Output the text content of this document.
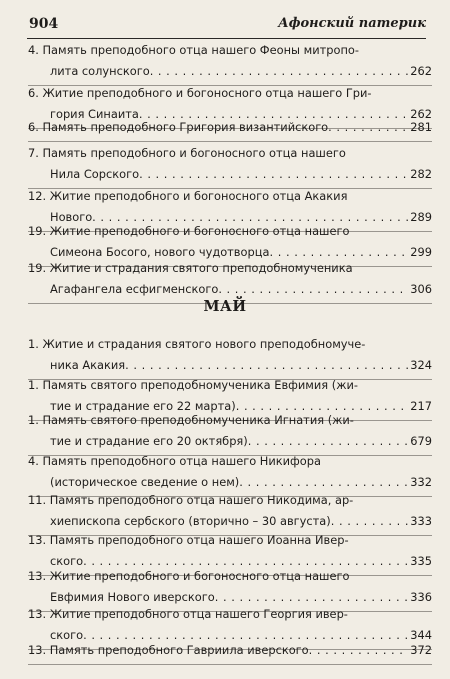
904	Афонский патерик
4. Память преподобного отца нашего Феоны митропо-
лита солунского . . .	262
6. Житие преподобного и богоносного отца нашего Гри-
гория Синаита . . .	262
6. Память преподобного Григория византийского . . .	281
7. Память преподобного и богоносного отца нашего
Нила Сорского . . .	282
12. Житие преподобного и богоносного отца Акакия
Нового . . .	289
19. Житие преподобного и богоносного отца нашего
Симеона Босого, нового чудотворца . . .	299
19. Житие и страдания святого преподобномученика
Агафангела есфигменского . . .	306
МАЙ
1. Житие и страдания святого нового преподобномуче-
ника Акакия . . .	324
1. Память святого преподобномученика Евфимия (жи-
тие и страдание его 22 марта) . . .	217
1. Память святого преподобномученика Игнатия (жи-
тие и страдание его 20 октября) . . .	679
4. Память преподобного отца нашего Никифора
(историческое сведение о нем) . . .	332
11. Память преподобного отца нашего Никодима, ар-
хиепископа сербского (вторично – 30 августа) . . .	333
13. Память преподобного отца нашего Иоанна Ивер-
ского . . .	335
13. Житие преподобного и богоносного отца нашего
Евфимия Нового иверского . . .	336
13. Житие преподобного отца нашего Георгия ивер-
ского . . .	344
13. Память преподобного Гавриила иверского . . .	372
